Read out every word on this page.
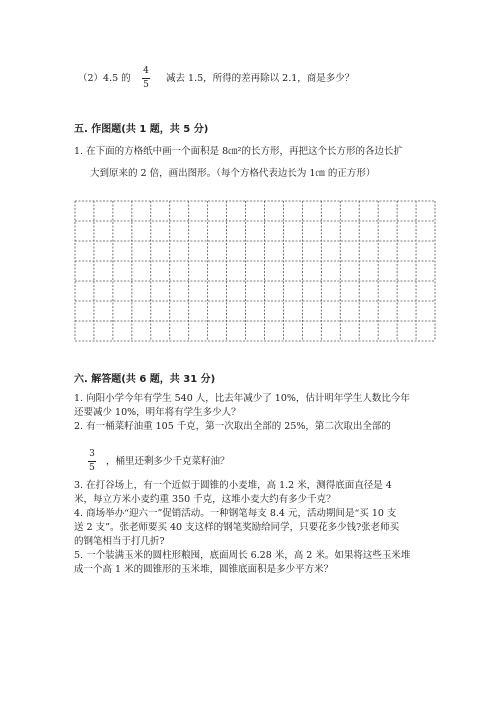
（2）4.5 的
4
5
减去 1.5，所得的差再除以 2.1，商是多少？
五. 作图题(共 1 题，共 5 分)
1. 在下面的方格纸中画一个面积是 8㎝²的长方形，再把这个长方形的各边长扩
大到原来的 2 倍，画出图形。（每个方格代表边长为 1㎝ 的正方形）
六. 解答题(共 6 题，共 31 分)
1. 向阳小学今年有学生 540 人，比去年减少了 10%，估计明年学生人数比今年
还要减少 10%，明年将有学生多少人？
2. 有一桶菜籽油重 105 千克，第一次取出全部的 25%，第二次取出全部的
3
5
，桶里还剩多少千克菜籽油？
3. 在打谷场上，有一个近似于圆锥的小麦堆，高 1.2 米，测得底面直径是 4
米，每立方米小麦约重 350 千克，这堆小麦大约有多少千克？
4. 商场举办“迎六一”促销活动。一种钢笔每支 8.4 元，活动期间是“买 10 支
送 2 支”。张老师要买 40 支这样的钢笔奖励给同学，只要花多少钱?张老师买
的钢笔相当于打几折?
5. 一个装满玉米的圆柱形粮囤，底面周长 6.28 米，高 2 米。如果将这些玉米堆
成一个高 1 米的圆锥形的玉米堆，圆锥底面积是多少平方米？
